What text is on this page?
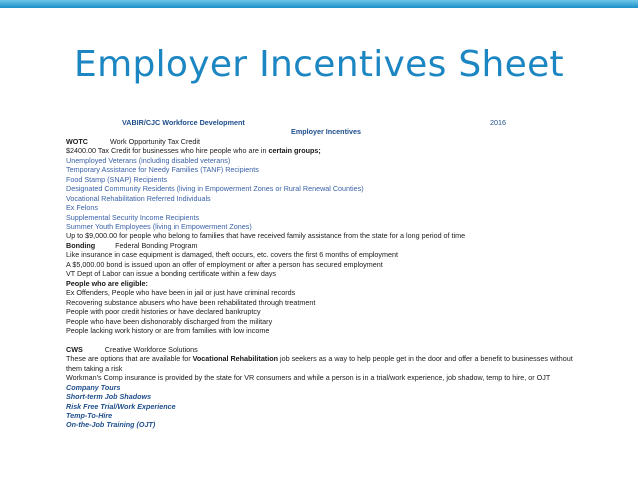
Employer Incentives Sheet
VABIR/CJC Workforce Development	2016
Employer Incentives
WOTC	Work Opportunity Tax Credit
$2400.00 Tax Credit for businesses who hire people who are in certain groups;
Unemployed Veterans (including disabled veterans)
Temporary Assistance for Needy Families (TANF) Recipients
Food Stamp (SNAP) Recipients
Designated Community Residents (living in Empowerment Zones or Rural Renewal Counties)
Vocational Rehabilitation Referred Individuals
Ex Felons
Supplemental Security Income Recipients
Summer Youth Employees (living in Empowerment Zones)
Up to $9,000.00 for people who belong to families that have received family assistance from the state for a long period of time
Bonding	Federal Bonding Program
Like insurance in case equipment is damaged, theft occurs, etc. covers the first 6 months of employment
A $5,000.00 bond is issued upon an offer of employment or after a person has secured employment
VT Dept of Labor can issue a bonding certificate within a few days
People who are eligible:
Ex Offenders, People who have been in jail or just have criminal records
Recovering substance abusers who have been rehabilitated through treatment
People with poor credit histories or have declared bankruptcy
People who have been dishonorably discharged from the military
People lacking work history or are from families with low income
CWS	Creative Workforce Solutions
These are options that are available for Vocational Rehabilitation job seekers as a way to help people get in the door and offer a benefit to businesses without them taking a risk
Workman's Comp insurance is provided by the state for VR consumers and while a person is in a trial/work experience, job shadow, temp to hire, or OJT
Company Tours
Short-term Job Shadows
Risk Free Trial/Work Experience
Temp-To-Hire
On-the-Job Training (OJT)
